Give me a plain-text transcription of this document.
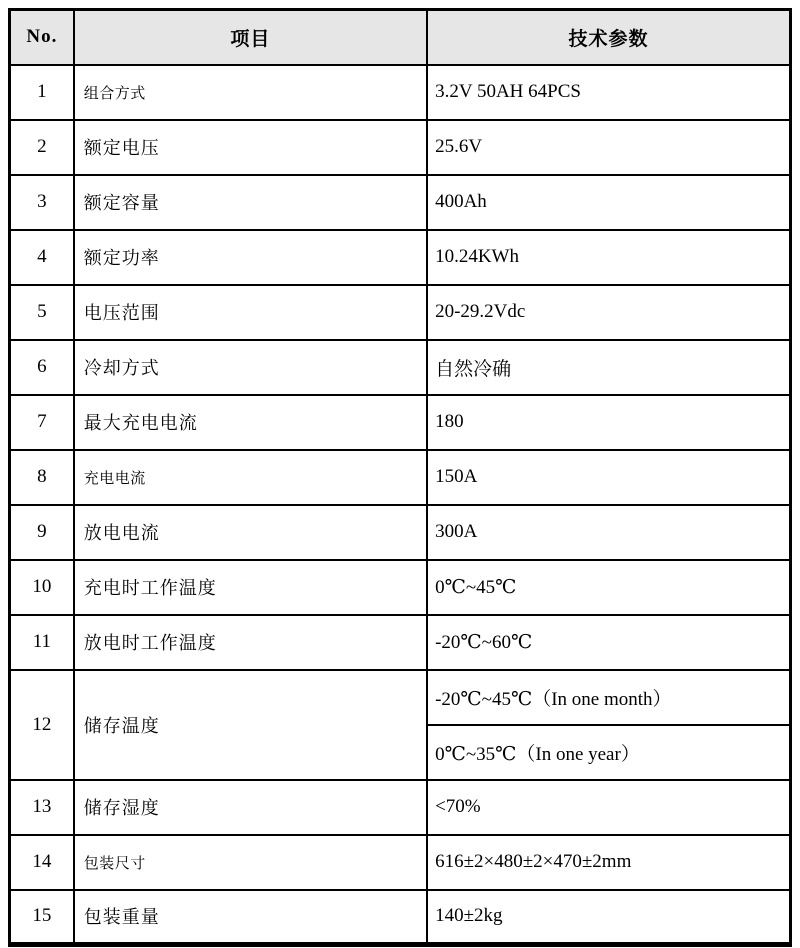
No.	项目	技术参数
1	组合方式	3.2V 50AH 64PCS
2	额定电压	25.6V
3	额定容量	400Ah
4	额定功率	10.24KWh
5	电压范围	20-29.2Vdc
6	冷却方式	自然冷确
7	最大充电电流	180
8	充电电流	150A
9	放电电流	300A
10	充电时工作温度	0℃~45℃
11	放电时工作温度	-20℃~60℃
12	储存温度	-20℃~45℃（In one month）
		0℃~35℃（In one year）
13	储存湿度	<70%
14	包装尺寸	616±2×480±2×470±2mm
15	包装重量	140±2kg
